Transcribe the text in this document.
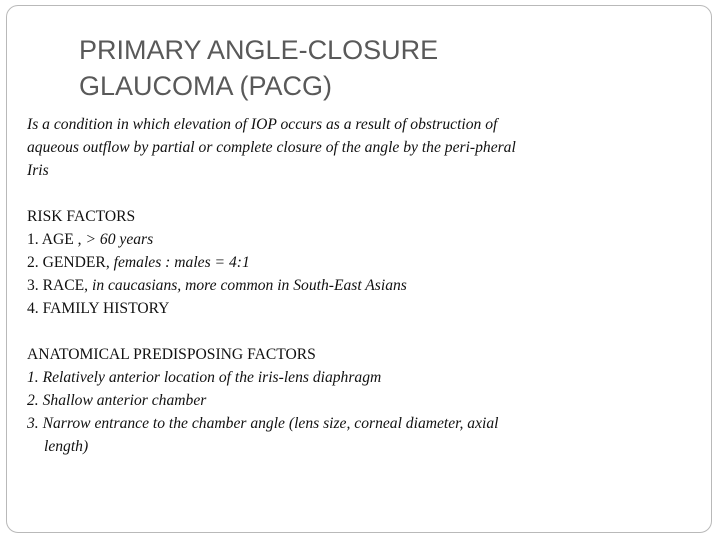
PRIMARY ANGLE-CLOSURE
GLAUCOMA (PACG)
Is a condition in which elevation of IOP occurs as a result of obstruction of
aqueous outflow by partial or complete closure of the angle by the peri-pheral
Iris
RISK FACTORS
1. AGE , > 60 years
2. GENDER, females : males = 4:1
3. RACE, in caucasians, more common in South-East Asians
4. FAMILY HISTORY
ANATOMICAL PREDISPOSING FACTORS
1. Relatively anterior location of the iris-lens diaphragm
2. Shallow anterior chamber
3. Narrow entrance to the chamber angle (lens size, corneal diameter, axial
length)
